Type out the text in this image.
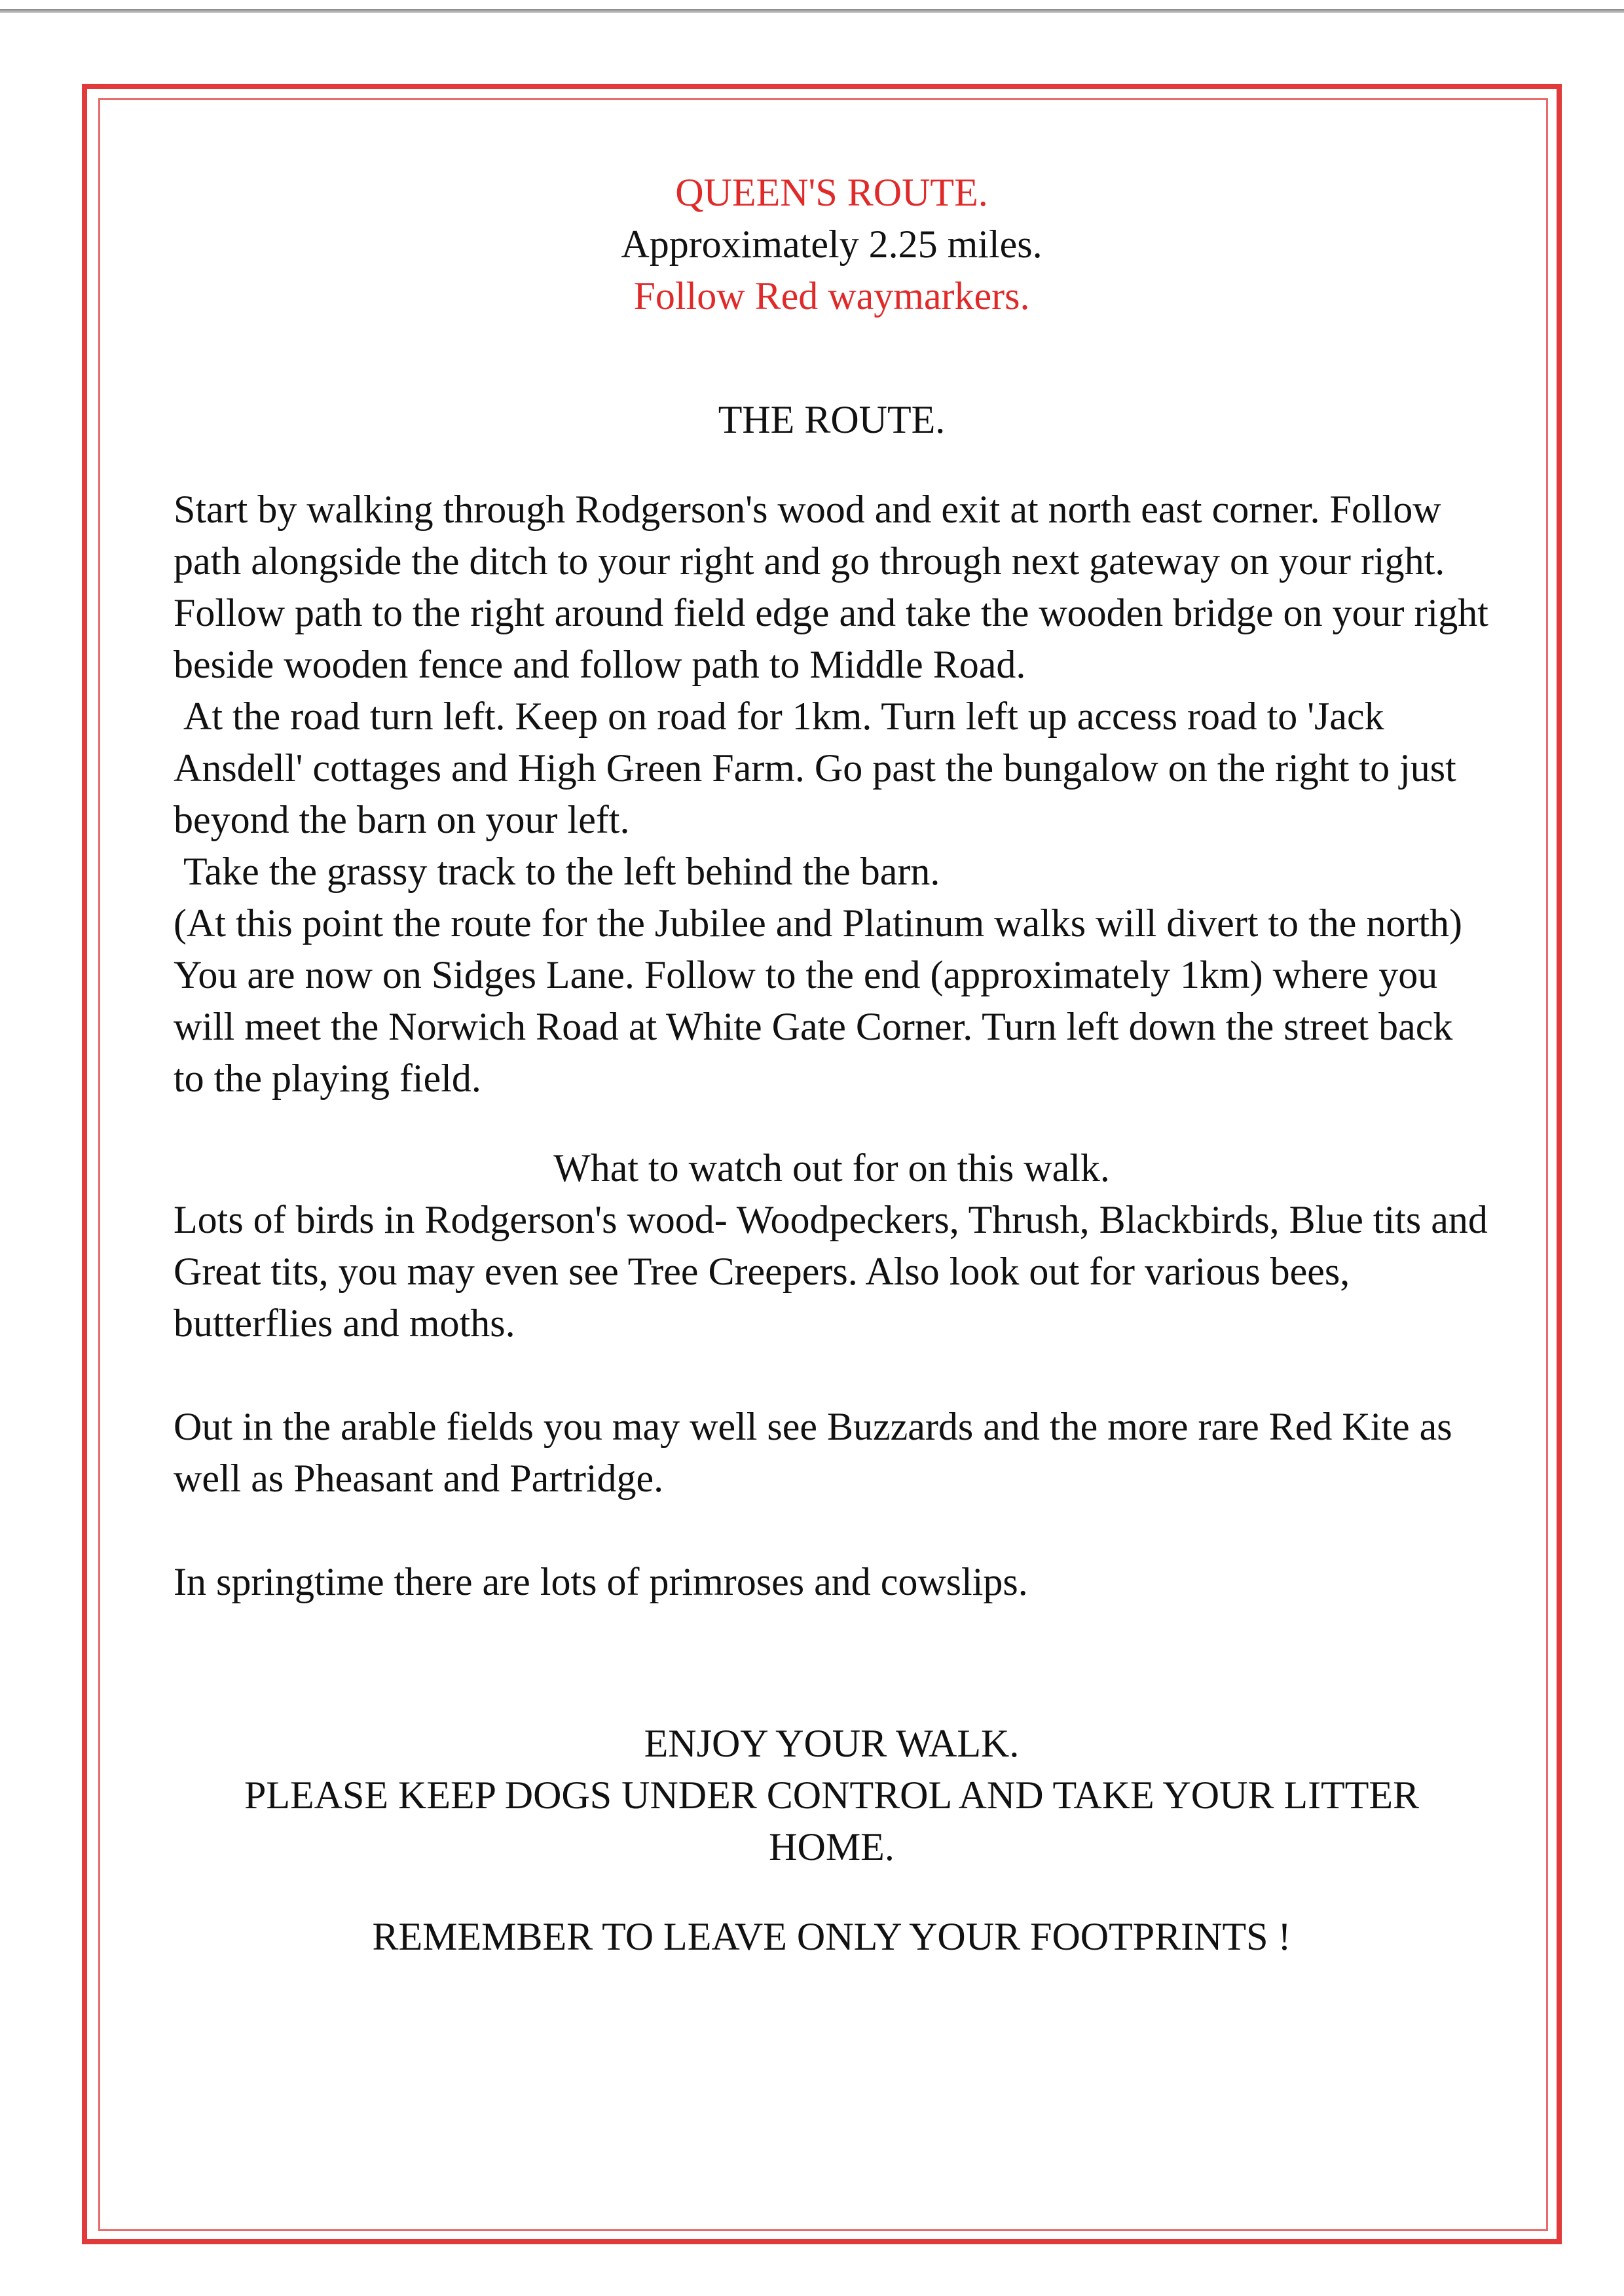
QUEEN'S ROUTE.

Approximately 2.25 miles.

Follow Red waymarkers.

THE ROUTE.

Start by walking through Rodgerson's wood and exit at north east corner. Follow path alongside the ditch to your right and go through next gateway on your right. Follow path to the right around field edge and take the wooden bridge on your right beside wooden fence and follow path to Middle Road.

At the road turn left. Keep on road for 1km. Turn left up access road to 'Jack Ansdell' cottages and High Green Farm. Go past the bungalow on the right to just beyond the barn on your left.

Take the grassy track to the left behind the barn.

(At this point the route for the Jubilee and Platinum walks will divert to the north)

You are now on Sidges Lane. Follow to the end (approximately 1km) where you will meet the Norwich Road at White Gate Corner. Turn left down the street back to the playing field.

What to watch out for on this walk.

Lots of birds in Rodgerson's wood- Woodpeckers, Thrush, Blackbirds, Blue tits and Great tits, you may even see Tree Creepers. Also look out for various bees, butterflies and moths.

Out in the arable fields you may well see Buzzards and the more rare Red Kite as well as Pheasant and Partridge.

In springtime there are lots of primroses and cowslips.

ENJOY YOUR WALK.

PLEASE KEEP DOGS UNDER CONTROL AND TAKE YOUR LITTER HOME.

REMEMBER TO LEAVE ONLY YOUR FOOTPRINTS !
